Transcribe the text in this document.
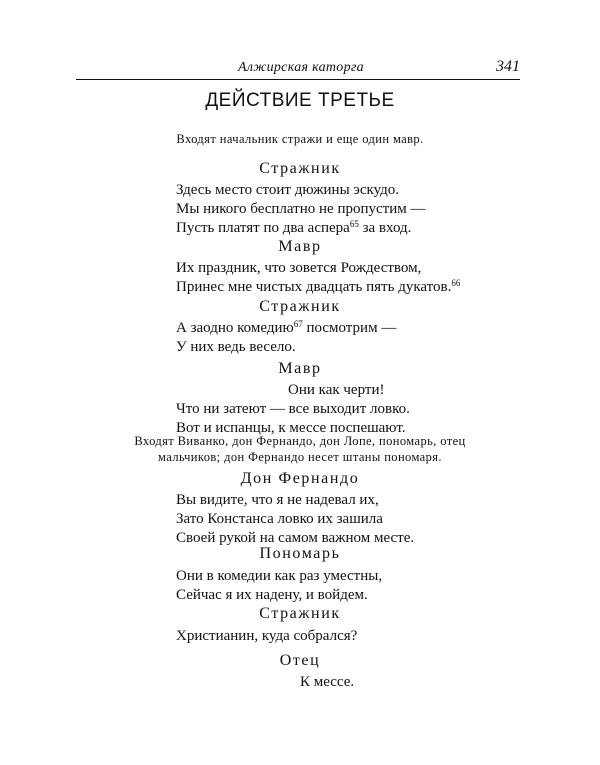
Алжирская каторга	341
ДЕЙСТВИЕ ТРЕТЬЕ
Входят начальник стражи и еще один мавр.
Стражник
Здесь место стоит дюжины эскудо.
Мы никого бесплатно не пропустим —
Пусть платят по два аспера$^{65}$ за вход.
Мавр
Их праздник, что зовется Рождеством,
Принес мне чистых двадцать пять дукатов.$^{66}$
Стражник
А заодно комедию$^{67}$ посмотрим —
У них ведь весело.
Мавр
Они как черти!
Что ни затеют — все выходит ловко.
Вот и испанцы, к мессе поспешают.
Входят Виванко, дон Фернандо, дон Лопе, пономарь, отец
мальчиков; дон Фернандо несет штаны пономаря.
Дон Фернандо
Вы видите, что я не надевал их,
Зато Констанса ловко их зашила
Своей рукой на самом важном месте.
Пономарь
Они в комедии как раз уместны,
Сейчас я их надену, и войдем.
Стражник
Христианин, куда собрался?
Отец
К мессе.
